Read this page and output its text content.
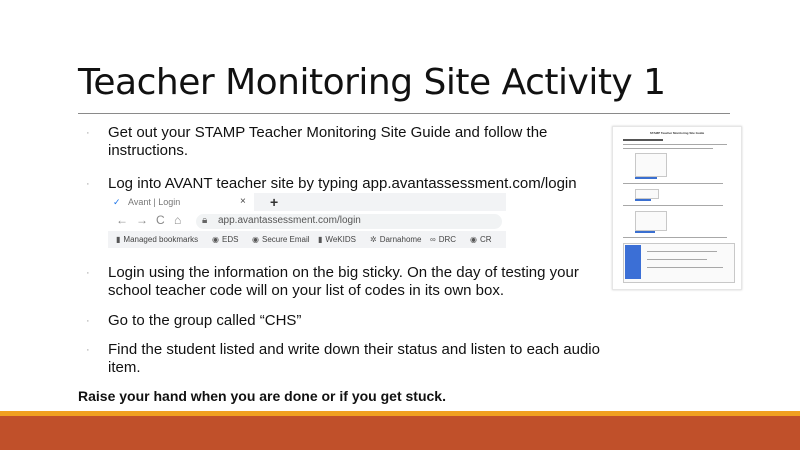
Teacher Monitoring Site Activity 1
· Get out your STAMP Teacher Monitoring Site Guide and follow the instructions.
· Log into AVANT teacher site by typing app.avantassessment.com/login
✓ Avant | Login	× +
← → C ⌂ 🔒︎ app.avantassessment.com/login
▮ Managed bookmarks ◉ EDS ◉ Secure Email ▮ WeKIDS ✲ Darnahome ∞ DRC ◉ CR
· Login using the information on the big sticky. On the day of testing your school teacher code will on your list of codes in its own box.
· Go to the group called “CHS”
· Find the student listed and write down their status and listen to each audio item.
STAMP Teacher Monitoring Site Guide
Raise your hand when you are done or if you get stuck.
